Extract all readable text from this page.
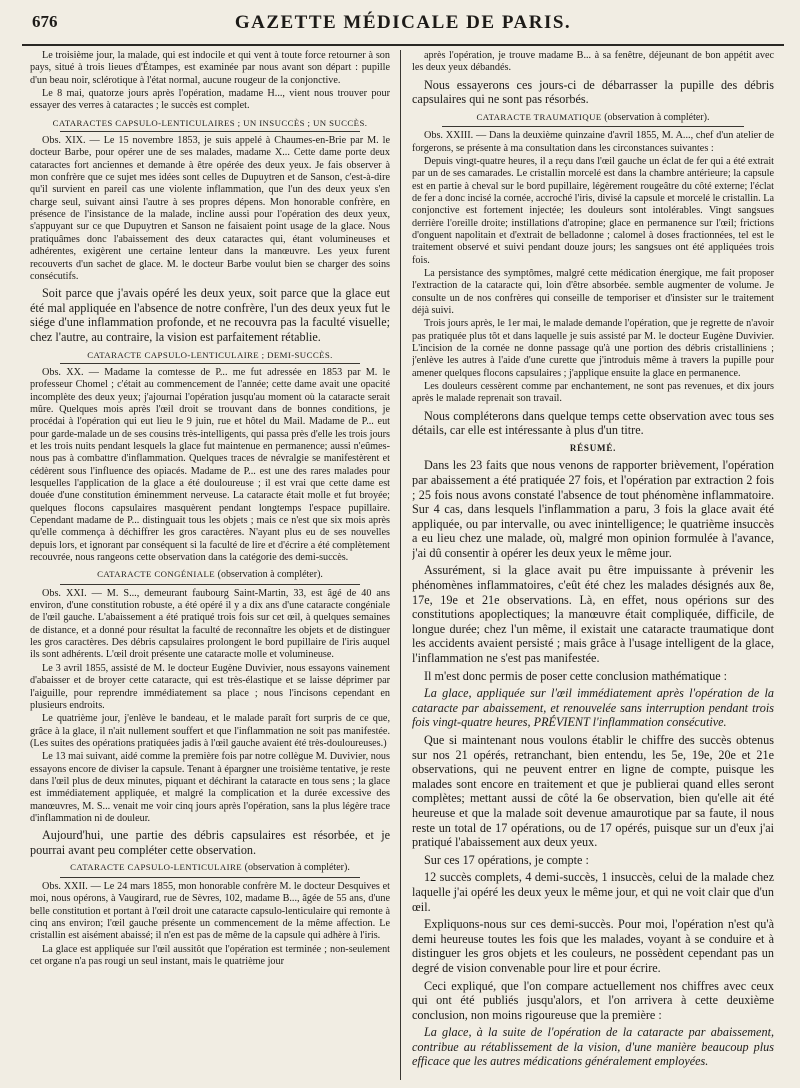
676	GAZETTE MÉDICALE DE PARIS.

Le troisième jour, la malade, qui est indocile et qui vent à toute force retourner à son pays, situé à trois lieues d'Étampes, est examinée par nous avant son départ : pupille d'un beau noir, sclérotique à l'état normal, aucune rougeur de la conjonctive.

Le 8 mai, quatorze jours après l'opération, madame H..., vient nous trouver pour essayer des verres à cataractes ; le succès est complet.

CATARACTES CAPSULO-LENTICULAIRES ; UN INSUCCÈS ; UN SUCCÈS.

Obs. XIX. — Le 15 novembre 1853, je suis appelé à Chaumes-en-Brie par M. le docteur Barbe, pour opérer une de ses malades, madame X... Cette dame porte deux cataractes fort anciennes et demande à être opérée des deux yeux. Je fais observer à mon confrère que ce sujet mes idées sont celles de Dupuytren et de Sanson, c'est-à-dire qu'il survient en pareil cas une violente inflammation, que l'un des deux yeux s'en charge seul, suivant ainsi l'autre à ses propres dépens. Mon honorable confrère, en présence de l'insistance de la malade, incline aussi pour l'opération des deux yeux, s'appuyant sur ce que Dupuytren et Sanson ne faisaient point usage de la glace. Nous pratiquâmes donc l'abaissement des deux cataractes qui, étant volumineuses et adhérentes, exigèrent une certaine lenteur dans la manœuvre. Les yeux furent recouverts d'un sachet de glace. M. le docteur Barbe voulut bien se charger des soins consécutifs.

Soit parce que j'avais opéré les deux yeux, soit parce que la glace eut été mal appliquée en l'absence de notre confrère, l'un des deux yeux fut le siége d'une inflammation profonde, et ne recouvra pas la faculté visuelle; chez l'autre, au contraire, la vision est parfaitement rétablie.

CATARACTE CAPSULO-LENTICULAIRE ; DEMI-SUCCÈS.

Obs. XX. — Madame la comtesse de P... me fut adressée en 1853 par M. le professeur Chomel ; c'était au commencement de l'année; cette dame avait une opacité incomplète des deux yeux; j'ajournai l'opération jusqu'au moment où la cataracte serait mûre. Quelques mois après l'œil droit se trouvant dans de bonnes conditions, je procédai à l'opération qui eut lieu le 9 juin, rue et hôtel du Mail. Madame de P... eut pour garde-malade un de ses cousins très-intelligents, qui passa près d'elle les trois jours et les trois nuits pendant lesquels la glace fut maintenue en permanence; aussi n'eûmes-nous pas à combattre d'inflammation. Quelques traces de névralgie se manifestèrent et cédèrent sous l'influence des opiacés. Madame de P... est une des rares malades pour lesquelles l'application de la glace a été douloureuse ; il est vrai que cette dame est douée d'une constitution éminemment nerveuse. La cataracte était molle et fut broyée; quelques flocons capsulaires masquèrent pendant longtemps l'espace pupillaire. Cependant madame de P... distinguait tous les objets ; mais ce n'est que six mois après qu'elle commença à déchiffrer les gros caractères. N'ayant plus eu de ses nouvelles depuis lors, et ignorant par conséquent si la faculté de lire et d'écrire a été complètement recouvrée, nous rangeons cette observation dans la catégorie des demi-succès.

CATARACTE CONGÉNIALE (observation à compléter).

Obs. XXI. — M. S..., demeurant faubourg Saint-Martin, 33, est âgé de 40 ans environ, d'une constitution robuste, a été opéré il y a dix ans d'une cataracte congéniale de l'œil gauche. L'abaissement a été pratiqué trois fois sur cet œil, à quelques semaines de distance, et a donné pour résultat la faculté de reconnaître les objets et de distinguer les gros caractères. Des débris capsulaires prolongent le bord pupillaire de l'iris auquel ils sont adhérents. L'œil droit présente une cataracte molle et volumineuse.

Le 3 avril 1855, assisté de M. le docteur Eugène Duvivier, nous essayons vainement d'abaisser et de broyer cette cataracte, qui est très-élastique et se laisse déprimer par l'aiguille, pour reprendre immédiatement sa place ; nous l'incisons cependant en plusieurs endroits.

Le quatrième jour, j'enlève le bandeau, et le malade paraît fort surpris de ce que, grâce à la glace, il n'ait nullement souffert et que l'inflammation ne soit pas manifestée. (Les suites des opérations pratiquées jadis à l'œil gauche avaient été très-douloureuses.)

Le 13 mai suivant, aidé comme la première fois par notre collègue M. Duvivier, nous essayons encore de diviser la capsule. Tenant à épargner une troisième tentative, je reste dans l'œil plus de deux minutes, piquant et déchirant la cataracte en tous sens ; la glace est immédiatement appliquée, et malgré la complication et la durée excessive des manœuvres, M. S... venait me voir cinq jours après l'opération, sans la plus légère trace d'inflammation ni de douleur.

Aujourd'hui, une partie des débris capsulaires est résorbée, et je pourrai avant peu compléter cette observation.

CATARACTE CAPSULO-LENTICULAIRE (observation à compléter).

Obs. XXII. — Le 24 mars 1855, mon honorable confrère M. le docteur Desquives et moi, nous opérons, à Vaugirard, rue de Sèvres, 102, madame B..., âgée de 55 ans, d'une belle constitution et portant à l'œil droit une cataracte capsulo-lenticulaire qui remonte à cinq ans environ; l'œil gauche présente un commencement de la même affection. Le cristallin est aisément abaissé; il n'en est pas de même de la capsule qui adhère à l'iris.

La glace est appliquée sur l'œil aussitôt que l'opération est terminée ; non-seulement cet organe n'a pas rougi un seul instant, mais le quatrième jour

après l'opération, je trouve madame B... à sa fenêtre, déjeunant de bon appétit avec les deux yeux débandés.

Nous essayerons ces jours-ci de débarrasser la pupille des débris capsulaires qui ne sont pas résorbés.

CATARACTE TRAUMATIQUE (observation à compléter).

Obs. XXIII. — Dans la deuxième quinzaine d'avril 1855, M. A..., chef d'un atelier de forgerons, se présente à ma consultation dans les circonstances suivantes :

Depuis vingt-quatre heures, il a reçu dans l'œil gauche un éclat de fer qui a été extrait par un de ses camarades. Le cristallin morcelé est dans la chambre antérieure; la capsule est en partie à cheval sur le bord pupillaire, légèrement rougeâtre du côté externe; l'éclat de fer a donc incisé la cornée, accroché l'iris, divisé la capsule et morcelé le cristallin. La conjonctive est fortement injectée; les douleurs sont intolérables. Vingt sangsues derrière l'oreille droite; instillations d'atropine; glace en permanence sur l'œil; frictions d'onguent napolitain et d'extrait de belladonne ; calomel à doses fractionnées, tel est le traitement observé et suivi pendant douze jours; les sangsues ont été appliquées trois fois.

La persistance des symptômes, malgré cette médication énergique, me fait proposer l'extraction de la cataracte qui, loin d'être absorbée. semble augmenter de volume. Je consulte un de nos confrères qui conseille de temporiser et d'insister sur le traitement déjà suivi.

Trois jours après, le 1er mai, le malade demande l'opération, que je regrette de n'avoir pas pratiquée plus tôt et dans laquelle je suis assisté par M. le docteur Eugène Duvivier. L'incision de la cornée ne donne passage qu'à une portion des débris cristalliniens ; j'enlève les autres à l'aide d'une curette que j'introduis même à travers la pupille pour amener quelques flocons capsulaires ; j'applique ensuite la glace en permanence.

Les douleurs cessèrent comme par enchantement, ne sont pas revenues, et dix jours après le malade reprenait son travail.

Nous compléterons dans quelque temps cette observation avec tous ses détails, car elle est intéressante à plus d'un titre.

RÉSUMÉ.

Dans les 23 faits que nous venons de rapporter brièvement, l'opération par abaissement a été pratiquée 27 fois, et l'opération par extraction 2 fois ; 25 fois nous avons constaté l'absence de tout phénomène inflammatoire. Sur 4 cas, dans lesquels l'inflammation a paru, 3 fois la glace avait été appliquée, ou par intervalle, ou avec inintelligence; le quatrième insuccès a eu lieu chez une malade, où, malgré mon opinion formulée à l'avance, j'ai dû consentir à opérer les deux yeux le même jour.

Assurément, si la glace avait pu être impuissante à prévenir les phénomènes inflammatoires, c'eût été chez les malades désignés aux 8e, 17e, 19e et 21e observations. Là, en effet, nous opérions sur des constitutions apoplectiques; la manœuvre était compliquée, difficile, de longue durée; chez l'un même, il existait une cataracte traumatique dont les accidents avaient persisté ; mais grâce à l'usage intelligent de la glace, l'inflammation ne s'est pas manifestée.

Il m'est donc permis de poser cette conclusion mathématique :

La glace, appliquée sur l'œil immédiatement après l'opération de la cataracte par abaissement, et renouvelée sans interruption pendant trois fois vingt-quatre heures, PRÉVIENT l'inflammation consécutive.

Que si maintenant nous voulons établir le chiffre des succès obtenus sur nos 21 opérés, retranchant, bien entendu, les 5e, 19e, 20e et 21e observations, qui ne peuvent entrer en ligne de compte, puisque les malades sont encore en traitement et que je publierai quand elles seront complètes; mettant aussi de côté la 6e observation, bien qu'elle ait été heureuse et que la malade soit devenue amaurotique par sa faute, il nous reste un total de 17 opérations, ou de 17 opérés, puisque sur un d'eux j'ai pratiqué l'abaissement aux deux yeux.

Sur ces 17 opérations, je compte :

12 succès complets, 4 demi-succès, 1 insuccès, celui de la malade chez laquelle j'ai opéré les deux yeux le même jour, et qui ne voit clair que d'un œil.

Expliquons-nous sur ces demi-succès. Pour moi, l'opération n'est qu'à demi heureuse toutes les fois que les malades, voyant à se conduire et à distinguer les gros objets et les couleurs, ne possèdent cependant pas un degré de vision convenable pour lire et pour écrire.

Ceci expliqué, que l'on compare actuellement nos chiffres avec ceux qui ont été publiés jusqu'alors, et l'on arrivera à cette deuxième conclusion, non moins rigoureuse que la première :

La glace, à la suite de l'opération de la cataracte par abaissement, contribue au rétablissement de la vision, d'une manière beaucoup plus efficace que les autres médications généralement employées.
